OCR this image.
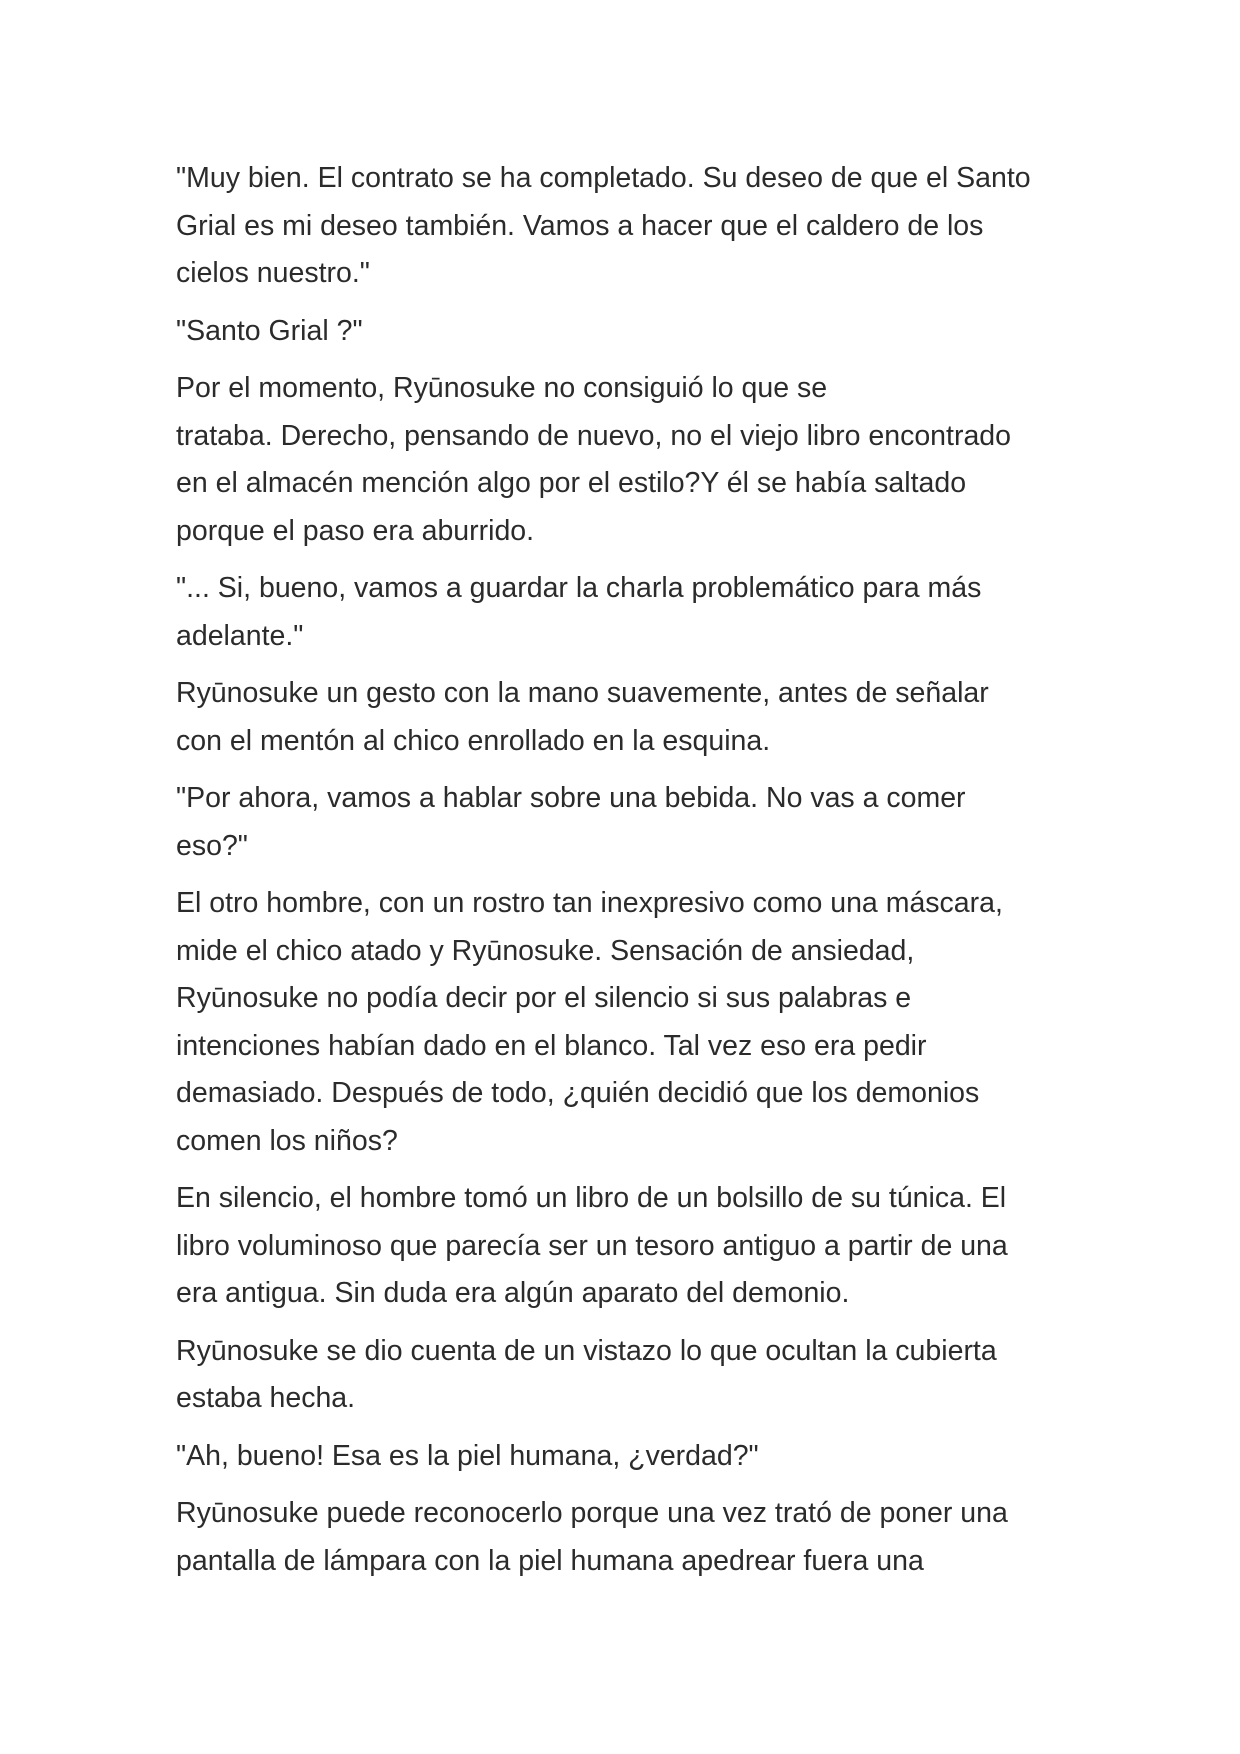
"Muy bien. El contrato se ha completado. Su deseo de que el Santo
Grial es mi deseo también. Vamos a hacer que el caldero de los
cielos nuestro."

"Santo Grial ?"

Por el momento, Ryūnosuke no consiguió lo que se
trataba. Derecho, pensando de nuevo, no el viejo libro encontrado
en el almacén mención algo por el estilo?Y él se había saltado
porque el paso era aburrido.

"... Si, bueno, vamos a guardar la charla problemático para más
adelante."

Ryūnosuke un gesto con la mano suavemente, antes de señalar
con el mentón al chico enrollado en la esquina.

"Por ahora, vamos a hablar sobre una bebida. No vas a comer
eso?"

El otro hombre, con un rostro tan inexpresivo como una máscara,
mide el chico atado y Ryūnosuke. Sensación de ansiedad,
Ryūnosuke no podía decir por el silencio si sus palabras e
intenciones habían dado en el blanco. Tal vez eso era pedir
demasiado. Después de todo, ¿quién decidió que los demonios
comen los niños?

En silencio, el hombre tomó un libro de un bolsillo de su túnica. El
libro voluminoso que parecía ser un tesoro antiguo a partir de una
era antigua. Sin duda era algún aparato del demonio.

Ryūnosuke se dio cuenta de un vistazo lo que ocultan la cubierta
estaba hecha.

"Ah, bueno! Esa es la piel humana, ¿verdad?"

Ryūnosuke puede reconocerlo porque una vez trató de poner una
pantalla de lámpara con la piel humana apedrear fuera una
